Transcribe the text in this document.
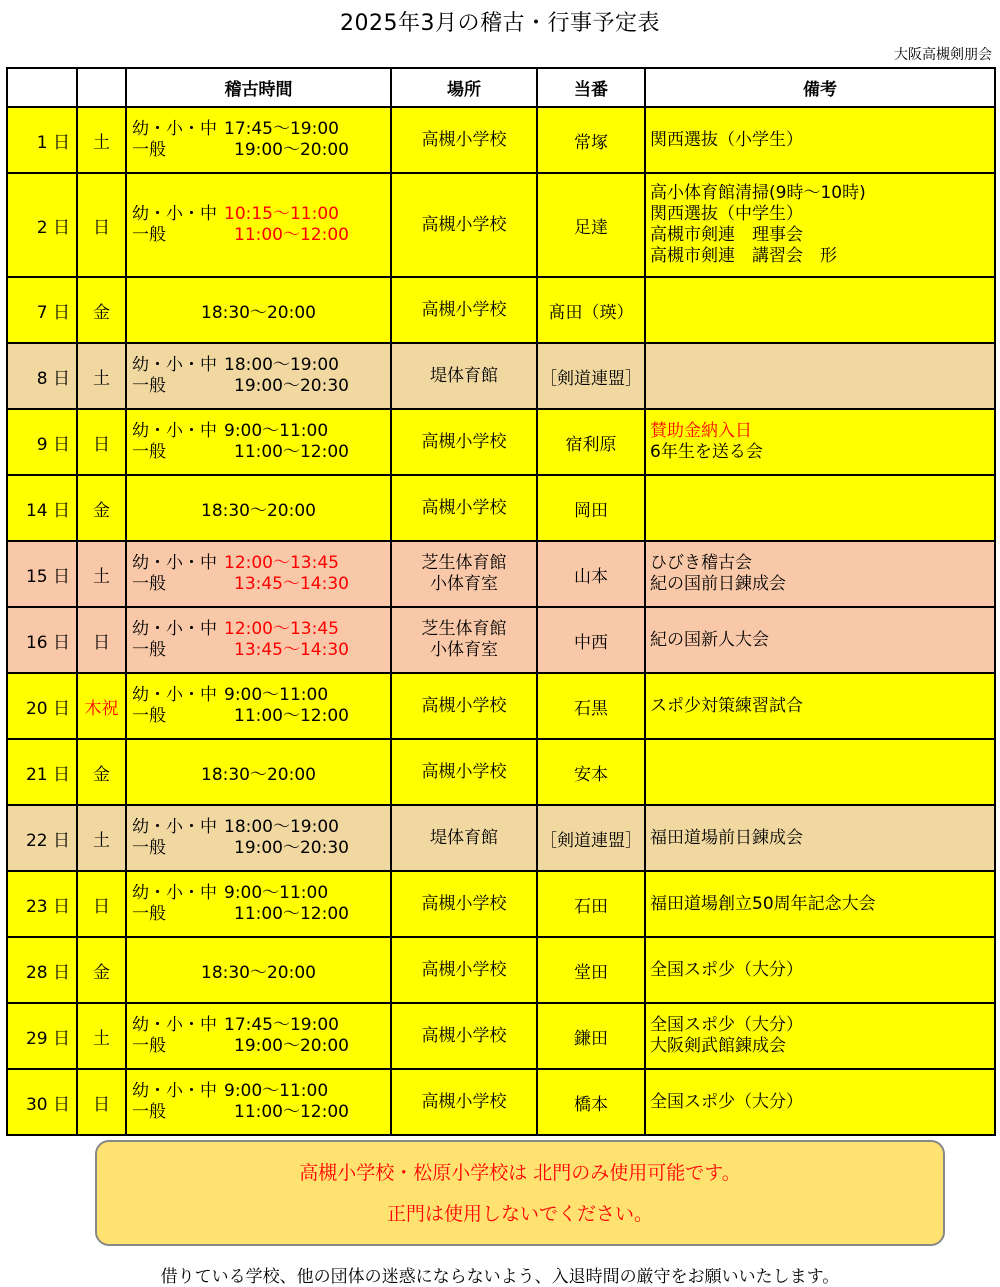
2025年3月の稽古・行事予定表
大阪高槻剣朋会
		稽古時間	場所	当番	備考
1 日	土	幼・小・中 17:45〜19:00
一般 19:00〜20:00	高槻小学校	常塚	関西選抜（小学生）

2 日	日	幼・小・中 10:15〜11:00
一般 11:00〜12:00	高槻小学校	足達	高小体育館清掃(9時〜10時)
関西選抜（中学生）
高槻市剣連　理事会
高槻市剣連　講習会　形

7 日	金	18:30〜20:00	高槻小学校	髙田（瑛）	
8 日	土	幼・小・中 18:00〜19:00
一般 19:00〜20:30	堤体育館	［剣道連盟］	
9 日	日	幼・小・中 9:00〜11:00
一般 11:00〜12:00	高槻小学校	宿利原	賛助金納入日
6年生を送る会

14 日	金	18:30〜20:00	高槻小学校	岡田	
15 日	土	幼・小・中 12:00〜13:45
一般 13:45〜14:30	芝生体育館
小体育室	山本	ひびき稽古会
紀の国前日錬成会

16 日	日	幼・小・中 12:00〜13:45
一般 13:45〜14:30	芝生体育館
小体育室	中西	紀の国新人大会

20 日	木祝	幼・小・中 9:00〜11:00
一般 11:00〜12:00	高槻小学校	石黒	スポ少対策練習試合

21 日	金	18:30〜20:00	高槻小学校	安本	
22 日	土	幼・小・中 18:00〜19:00
一般 19:00〜20:30	堤体育館	［剣道連盟］	福田道場前日錬成会

23 日	日	幼・小・中 9:00〜11:00
一般 11:00〜12:00	高槻小学校	石田	福田道場創立50周年記念大会

28 日	金	18:30〜20:00	高槻小学校	堂田	全国スポ少（大分）

29 日	土	幼・小・中 17:45〜19:00
一般 19:00〜20:00	高槻小学校	鎌田	全国スポ少（大分）
大阪剣武館錬成会

30 日	日	幼・小・中 9:00〜11:00
一般 11:00〜12:00	高槻小学校	橋本	全国スポ少（大分）
高槻小学校・松原小学校は 北門のみ使用可能です。
正門は使用しないでください。
借りている学校、他の団体の迷惑にならないよう、入退時間の厳守をお願いいたします。
